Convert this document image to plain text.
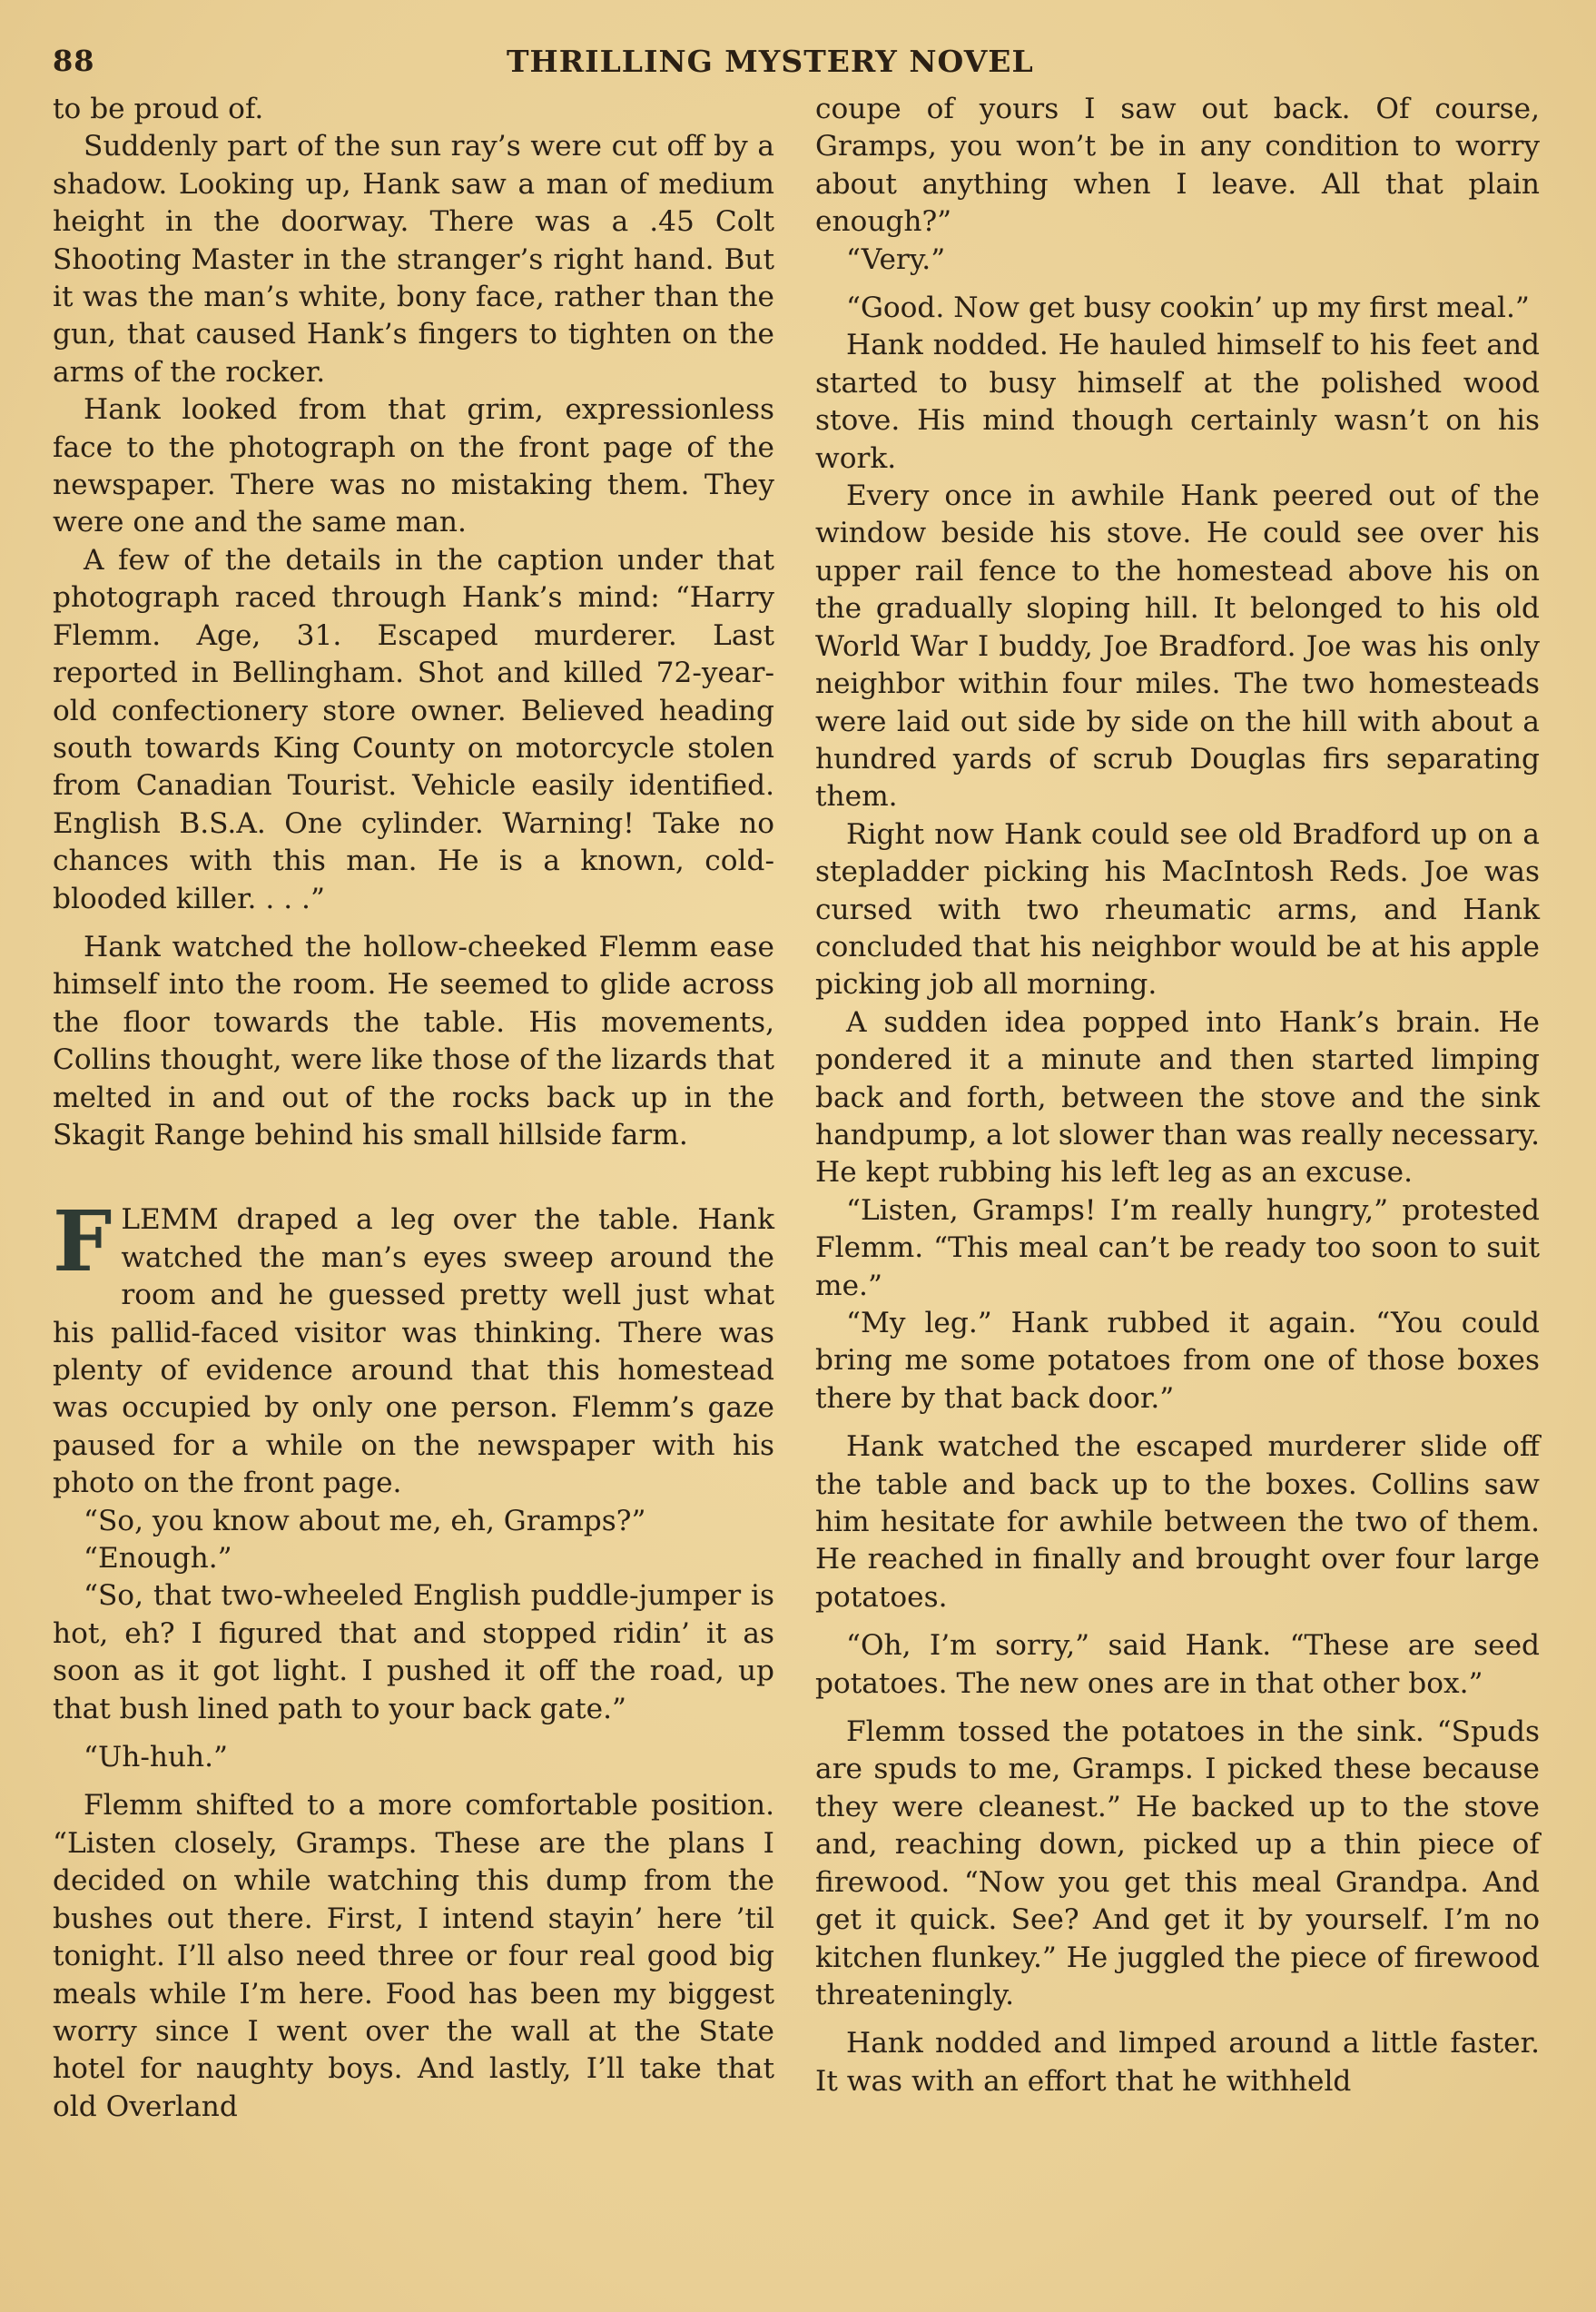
88	THRILLING MYSTERY NOVEL

to be proud of.

Suddenly part of the sun ray’s were cut off by a shadow. Looking up, Hank saw a man of medium height in the doorway. There was a .45 Colt Shooting Master in the stranger’s right hand. But it was the man’s white, bony face, rather than the gun, that caused Hank’s fingers to tighten on the arms of the rocker.

Hank looked from that grim, expressionless face to the photograph on the front page of the newspaper. There was no mistaking them. They were one and the same man.

A few of the details in the caption under that photograph raced through Hank’s mind: “Harry Flemm. Age, 31. Escaped murderer. Last reported in Bellingham. Shot and killed 72-year-old confectionery store owner. Believed heading south towards King County on motorcycle stolen from Canadian Tourist. Vehicle easily identified. English B.S.A. One cylinder. Warning! Take no chances with this man. He is a known, cold-blooded killer. . . .”

Hank watched the hollow-cheeked Flemm ease himself into the room. He seemed to glide across the floor towards the table. His movements, Collins thought, were like those of the lizards that melted in and out of the rocks back up in the Skagit Range behind his small hillside farm.

FLEMM draped a leg over the table. Hank watched the man’s eyes sweep around the room and he guessed pretty well just what his pallid-faced visitor was thinking. There was plenty of evidence around that this homestead was occupied by only one person. Flemm’s gaze paused for a while on the newspaper with his photo on the front page.

“So, you know about me, eh, Gramps?”

“Enough.”

“So, that two-wheeled English puddle-jumper is hot, eh? I figured that and stopped ridin’ it as soon as it got light. I pushed it off the road, up that bush lined path to your back gate.”

“Uh-huh.”

Flemm shifted to a more comfortable position. “Listen closely, Gramps. These are the plans I decided on while watching this dump from the bushes out there. First, I intend stayin’ here ’til tonight. I’ll also need three or four real good big meals while I’m here. Food has been my biggest worry since I went over the wall at the State hotel for naughty boys. And lastly, I’ll take that old Overland

coupe of yours I saw out back. Of course, Gramps, you won’t be in any condition to worry about anything when I leave. All that plain enough?”

“Very.”

“Good. Now get busy cookin’ up my first meal.”

Hank nodded. He hauled himself to his feet and started to busy himself at the polished wood stove. His mind though certainly wasn’t on his work.

Every once in awhile Hank peered out of the window beside his stove. He could see over his upper rail fence to the homestead above his on the gradually sloping hill. It belonged to his old World War I buddy, Joe Bradford. Joe was his only neighbor within four miles. The two homesteads were laid out side by side on the hill with about a hundred yards of scrub Douglas firs separating them.

Right now Hank could see old Bradford up on a stepladder picking his MacIntosh Reds. Joe was cursed with two rheumatic arms, and Hank concluded that his neighbor would be at his apple picking job all morning.

A sudden idea popped into Hank’s brain. He pondered it a minute and then started limping back and forth, between the stove and the sink handpump, a lot slower than was really necessary. He kept rubbing his left leg as an excuse.

“Listen, Gramps! I’m really hungry,” protested Flemm. “This meal can’t be ready too soon to suit me.”

“My leg.” Hank rubbed it again. “You could bring me some potatoes from one of those boxes there by that back door.”

Hank watched the escaped murderer slide off the table and back up to the boxes. Collins saw him hesitate for awhile between the two of them. He reached in finally and brought over four large potatoes.

“Oh, I’m sorry,” said Hank. “These are seed potatoes. The new ones are in that other box.”

Flemm tossed the potatoes in the sink. “Spuds are spuds to me, Gramps. I picked these because they were cleanest.” He backed up to the stove and, reaching down, picked up a thin piece of firewood. “Now you get this meal Grandpa. And get it quick. See? And get it by yourself. I’m no kitchen flunkey.” He juggled the piece of firewood threateningly.

Hank nodded and limped around a little faster. It was with an effort that he withheld
